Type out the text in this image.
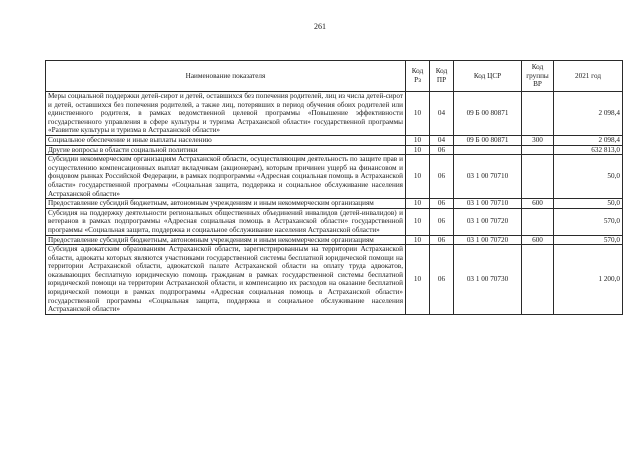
261
Наименование показателя	Код Рз	Код ПР	Код ЦСР	Код группы ВР	2021 год
Меры социальной поддержки детей-сирот и детей, оставшихся без попечения родителей, лиц из числа детей-сирот и детей, оставшихся без попечения родителей, а также лиц, потерявших в период обучения обоих родителей или единственного родителя, в рамках ведомственной целевой программы «Повышение эффективности государственного управления в сфере культуры и туризма Астраханской области» государственной программы «Развитие культуры и туризма в Астраханской области»	10	04	09 Б 00 80871		2 098,4
Социальное обеспечение и иные выплаты населению	10	04	09 Б 00 80871	300	2 098,4
Другие вопросы в области социальной политики	10	06			632 813,0
Субсидии некоммерческим организациям Астраханской области, осуществляющим деятельность по защите прав и осуществлению компенсационных выплат вкладчикам (акционерам), которым причинен ущерб на финансовом и фондовом рынках Российской Федерации, в рамках подпрограммы «Адресная социальная помощь в Астраханской области» государственной программы «Социальная защита, поддержка и социальное обслуживание населения Астраханской области»	10	06	03 1 00 70710		50,0
Предоставление субсидий бюджетным, автономным учреждениям и иным некоммерческим организациям	10	06	03 1 00 70710	600	50,0
Субсидия на поддержку деятельности региональных общественных объединений инвалидов (детей-инвалидов) и ветеранов в рамках подпрограммы «Адресная социальная помощь в Астраханской области» государственной программы «Социальная защита, поддержка и социальное обслуживание населения Астраханской области»	10	06	03 1 00 70720		570,0
Предоставление субсидий бюджетным, автономным учреждениям и иным некоммерческим организациям	10	06	03 1 00 70720	600	570,0
Субсидия адвокатским образованиям Астраханской области, зарегистрированным на территории Астраханской области, адвокаты которых являются участниками государственной системы бесплатной юридической помощи на территории Астраханской области, адвокатской палате Астраханской области на оплату труда адвокатов, оказывающих бесплатную юридическую помощь гражданам в рамках государственной системы бесплатной юридической помощи на территории Астраханской области, и компенсацию их расходов на оказание бесплатной юридической помощи в рамках подпрограммы «Адресная социальная помощь в Астраханской области» государственной программы «Социальная защита, поддержка и социальное обслуживание населения Астраханской области»	10	06	03 1 00 70730		1 200,0
